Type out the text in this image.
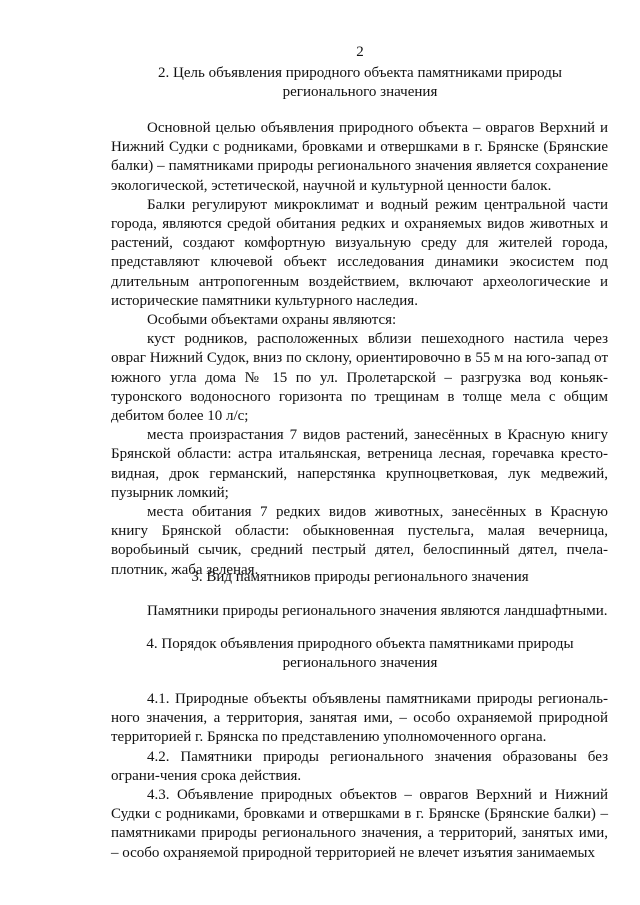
2
2. Цель объявления природного объекта памятниками природы
регионального значения

Основной целью объявления природного объекта – оврагов Верхний и Нижний Судки с родниками, бровками и отвершками в г. Брянске (Брянские балки) – памятниками природы регионального значения является сохранение экологической, эстетической, научной и культурной ценности балок.

Балки регулируют микроклимат и водный режим центральной части города, являются средой обитания редких и охраняемых видов животных и растений, создают комфортную визуальную среду для жителей города, представляют ключевой объект исследования динамики экосистем под длительным антропогенным воздействием, включают археологические и исторические памятники культурного наследия.

Особыми объектами охраны являются:

куст родников, расположенных вблизи пешеходного настила через овраг Нижний Судок, вниз по склону, ориентировочно в 55 м на юго-запад от южного угла дома № 15 по ул. Пролетарской – разгрузка вод коньяк-туронского водоносного горизонта по трещинам в толще мела с общим дебитом более 10 л/с;

места произрастания 7 видов растений, занесённых в Красную книгу Брянской области: астра итальянская, ветреница лесная, горечавка кресто-видная, дрок германский, наперстянка крупноцветковая, лук медвежий, пузырник ломкий;

места обитания 7 редких видов животных, занесённых в Красную книгу Брянской области: обыкновенная пустельга, малая вечерница, воробьиный сычик, средний пестрый дятел, белоспинный дятел, пчела-плотник, жаба зеленая.

3. Вид памятников природы регионального значения

Памятники природы регионального значения являются ландшафтными.

4. Порядок объявления природного объекта памятниками природы
регионального значения

4.1. Природные объекты объявлены памятниками природы региональ-ного значения, а территория, занятая ими, – особо охраняемой природной территорией г. Брянска по представлению уполномоченного органа.

4.2. Памятники природы регионального значения образованы без ограни-чения срока действия.

4.3. Объявление природных объектов – оврагов Верхний и Нижний Судки с родниками, бровками и отвершками в г. Брянске (Брянские балки) – памятниками природы регионального значения, а территорий, занятых ими, – особо охраняемой природной территорией не влечет изъятия занимаемых
